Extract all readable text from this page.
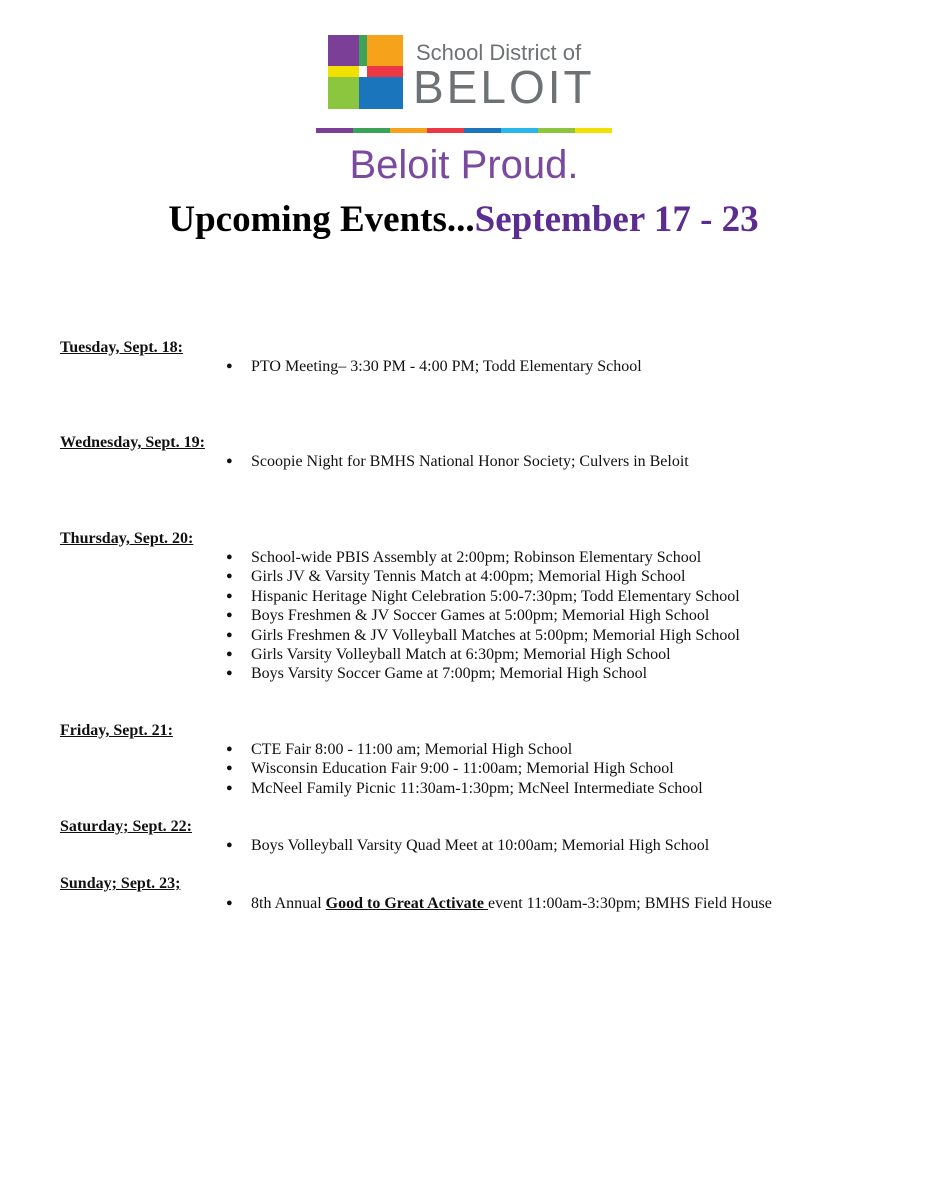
School District of
BELOIT
Beloit Proud.
Upcoming Events...September 17 - 23
Tuesday, Sept. 18:
● PTO Meeting– 3:30 PM - 4:00 PM; Todd Elementary School
Wednesday, Sept. 19:
● Scoopie Night for BMHS National Honor Society; Culvers in Beloit
Thursday, Sept. 20:
● School-wide PBIS Assembly at 2:00pm; Robinson Elementary School
● Girls JV & Varsity Tennis Match at 4:00pm; Memorial High School
● Hispanic Heritage Night Celebration 5:00-7:30pm; Todd Elementary School
● Boys Freshmen & JV Soccer Games at 5:00pm; Memorial High School
● Girls Freshmen & JV Volleyball Matches at 5:00pm; Memorial High School
● Girls Varsity Volleyball Match at 6:30pm; Memorial High School
● Boys Varsity Soccer Game at 7:00pm; Memorial High School
Friday, Sept. 21:
● CTE Fair 8:00 - 11:00 am; Memorial High School
● Wisconsin Education Fair 9:00 - 11:00am; Memorial High School
● McNeel Family Picnic 11:30am-1:30pm; McNeel Intermediate School
Saturday; Sept. 22:
● Boys Volleyball Varsity Quad Meet at 10:00am; Memorial High School
Sunday; Sept. 23;
● 8th Annual Good to Great Activate event 11:00am-3:30pm; BMHS Field House
